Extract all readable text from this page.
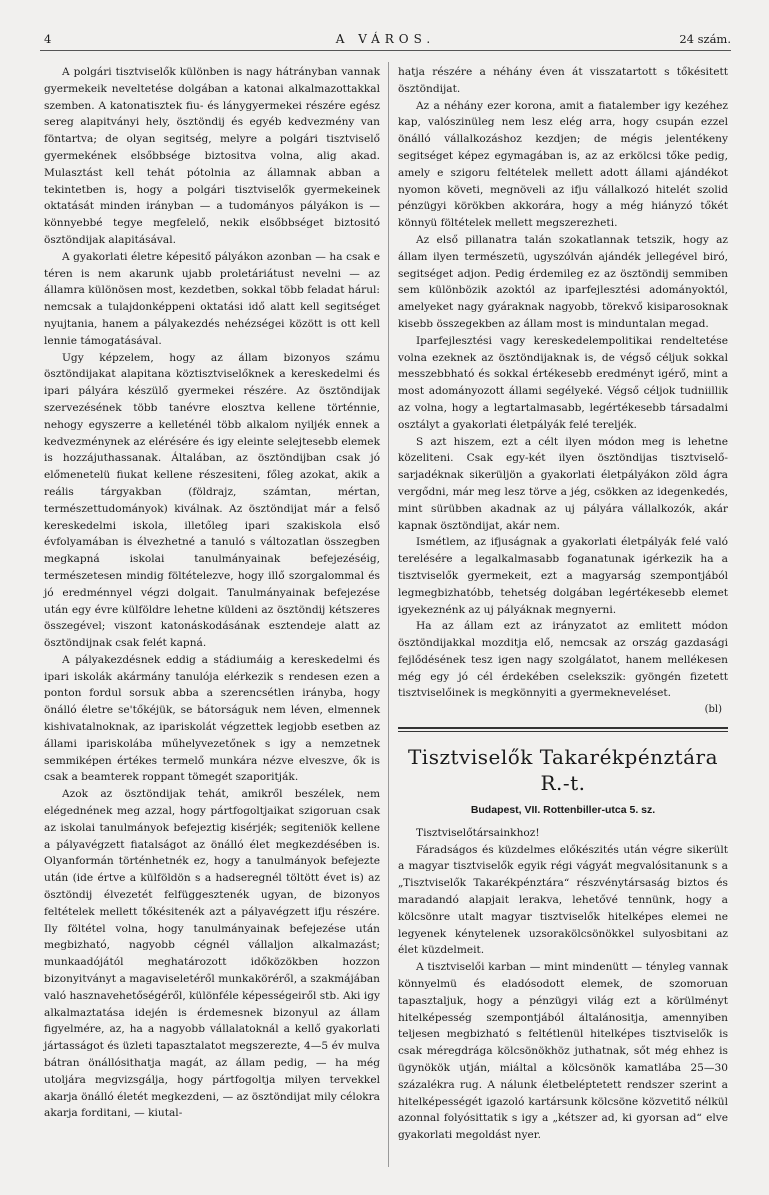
4	A VÁROS.	24 szám.

A polgári tisztviselők különben is nagy hátrányban vannak gyermekeik neveltetése dolgában a katonai alkalmazottakkal szemben. A katonatisztek fiu- és lánygyermekei részére egész sereg alapitványi hely, ösztöndij és egyéb kedvezmény van föntartva; de olyan segitség, melyre a polgári tisztviselő gyermekének elsőbbsége biztositva volna, alig akad. Mulasztást kell tehát pótolnia az államnak abban a tekintetben is, hogy a polgári tisztviselők gyermekeinek oktatását minden irányban — a tudományos pályákon is — könnyebbé tegye megfelelő, nekik elsőbbséget biztositó ösztöndijak alapitásával.

A gyakorlati életre képesitő pályákon azonban — ha csak e téren is nem akarunk ujabb proletáriátust nevelni — az államra különösen most, kezdetben, sokkal több feladat hárul: nemcsak a tulajdonképpeni oktatási idő alatt kell segitséget nyujtania, hanem a pályakezdés nehézségei között is ott kell lennie támogatásával.

Ugy képzelem, hogy az állam bizonyos számu ösztöndijakat alapitana köztisztviselőknek a kereskedelmi és ipari pályára készülő gyermekei részére. Az ösztöndijak szervezésének több tanévre elosztva kellene történnie, nehogy egyszerre a kelleténél több alkalom nyiljék ennek a kedvezménynek az elérésére és igy eleinte selejtesebb elemek is hozzájuthassanak. Általában, az ösztöndijban csak jó előmenetelü fiukat kellene részesiteni, főleg azokat, akik a reális tárgyakban (földrajz, számtan, mértan, természettudományok) kiválnak. Az ösztöndijat már a felső kereskedelmi iskola, illetőleg ipari szakiskola első évfolyamában is élvezhetné a tanuló s változatlan összegben megkapná iskolai tanulmányainak befejezéséig, természetesen mindig föltételezve, hogy illő szorgalommal és jó eredménnyel végzi dolgait. Tanulmányainak befejezése után egy évre külföldre lehetne küldeni az ösztöndij kétszeres összegével; viszont katonáskodásának esztendeje alatt az ösztöndijnak csak felét kapná.

A pályakezdésnek eddig a stádiumáig a kereskedelmi és ipari iskolák akármány tanulója elérkezik s rendesen ezen a ponton fordul sorsuk abba a szerencsétlen irányba, hogy önálló életre se'tőkéjük, se bátorságuk nem léven, elmennek kishivatalnoknak, az ipariskolát végzettek legjobb esetben az állami ipariskolába műhelyvezetőnek s igy a nemzetnek semmiképen értékes termelő munkára nézve elveszve, ők is csak a beamterek roppant tömegét szaporitják.

Azok az ösztöndijak tehát, amikről beszélek, nem elégednének meg azzal, hogy pártfogoltjaikat szigoruan csak az iskolai tanulmányok befejeztig kisérjék; segiteniök kellene a pályavégzett fiatalságot az önálló élet megkezdésében is. Olyanformán történhetnék ez, hogy a tanulmányok befejezte után (ide értve a külföldön s a hadseregnél töltött évet is) az ösztöndij élvezetét felfüggesztenék ugyan, de bizonyos feltételek mellett tőkésitenék azt a pályavégzett ifju részére. Ily föltétel volna, hogy tanulmányainak befejezése után megbizható, nagyobb cégnél vállaljon alkalmazást; munkaadójától meghatározott időközökben hozzon bizonyitványt a magaviseletéről munkaköréről, a szakmájában való hasznavehetőségéről, különféle képességeiről stb. Aki igy alkalmaztatása idején is érdemesnek bizonyul az állam figyelmére, az, ha a nagyobb vállalatoknál a kellő gyakorlati jártasságot és üzleti tapasztalatot megszerezte, 4—5 év mulva bátran önállósithatja magát, az állam pedig, — ha még utoljára megvizsgálja, hogy pártfogoltja milyen tervekkel akarja önálló életét megkezdeni, — az ösztöndijat mily célokra akarja forditani, — kiutal-

hatja részére a néhány éven át visszatartott s tőkésitett ösztöndijat.

Az a néhány ezer korona, amit a fiatalember igy kezéhez kap, valószinüleg nem lesz elég arra, hogy csupán ezzel önálló vállalkozáshoz kezdjen; de mégis jelentékeny segitséget képez egymagában is, az az erkölcsi tőke pedig, amely e szigoru feltételek mellett adott állami ajándékot nyomon követi, megnöveli az ifju vállalkozó hitelét szolid pénzügyi körökben akkorára, hogy a még hiányzó tőkét könnyü föltételek mellett megszerezheti.

Az első pillanatra talán szokatlannak tetszik, hogy az állam ilyen természetü, ugyszólván ajándék jellegével biró, segitséget adjon. Pedig érdemileg ez az ösztöndij semmiben sem különbözik azoktól az iparfejlesztési adományoktól, amelyeket nagy gyáraknak nagyobb, törekvő kisiparosoknak kisebb összegekben az állam most is minduntalan megad.

Iparfejlesztési vagy kereskedelempolitikai rendeltetése volna ezeknek az ösztöndijaknak is, de végső céljuk sokkal messzebbható és sokkal értékesebb eredményt igérő, mint a most adományozott állami segélyeké. Végső céljok tudniillik az volna, hogy a legtartalmasabb, legértékesebb társadalmi osztályt a gyakorlati életpályák felé tereljék.

S azt hiszem, ezt a célt ilyen módon meg is lehetne közeliteni. Csak egy-két ilyen ösztöndijas tisztviselő-sarjadéknak sikerüljön a gyakorlati életpályákon zöld ágra vergődni, már meg lesz törve a jég, csökken az idegenkedés, mint sürübben akadnak az uj pályára vállalkozók, akár kapnak ösztöndijat, akár nem.

Ismétlem, az ifjuságnak a gyakorlati életpályák felé való terelésére a legalkalmasabb foganatunak igérkezik ha a tisztviselők gyermekeit, ezt a magyarság szempontjából legmegbizhatóbb, tehetség dolgában legértékesebb elemet igyekeznénk az uj pályáknak megnyerni.

Ha az állam ezt az irányzatot az emlitett módon ösztöndijakkal mozditja elő, nemcsak az ország gazdasági fejlődésének tesz igen nagy szolgálatot, hanem mellékesen még egy jó cél érdekében cselekszik: gyöngén fizetett tisztviselőinek is megkönnyiti a gyermekneveléset.

(bl)
Tisztviselők Takarékpénztára R.-t.
Budapest, VII. Rottenbiller-utca 5. sz.

Tisztviselőtársainkhoz!

Fáradságos és küzdelmes előkészités után végre sikerült a magyar tisztviselők egyik régi vágyát megvalósitanunk s a „Tisztviselők Takarékpénztára“ részvénytársaság biztos és maradandó alapjait lerakva, lehetővé tennünk, hogy a kölcsönre utalt magyar tisztviselők hitelképes elemei ne legyenek kénytelenek uzsorakölcsönökkel sulyosbitani az élet küzdelmeit.

A tisztviselői karban — mint mindenütt — tényleg vannak könnyelmü és eladósodott elemek, de szomoruan tapasztaljuk, hogy a pénzügyi világ ezt a körülményt hitelképesség szempontjából általánositja, amennyiben teljesen megbizható s feltétlenül hitelképes tisztviselők is csak méregdrága kölcsönökhöz juthatnak, sőt még ehhez is ügynökök utján, miáltal a kölcsönök kamatlába 25—30 százalékra rug. A nálunk életbeléptetett rendszer szerint a hitelképességét igazoló kartársunk kölcsöne közvetitő nélkül azonnal folyósittatik s igy a „kétszer ad, ki gyorsan ad“ elve gyakorlati megoldást nyer.
